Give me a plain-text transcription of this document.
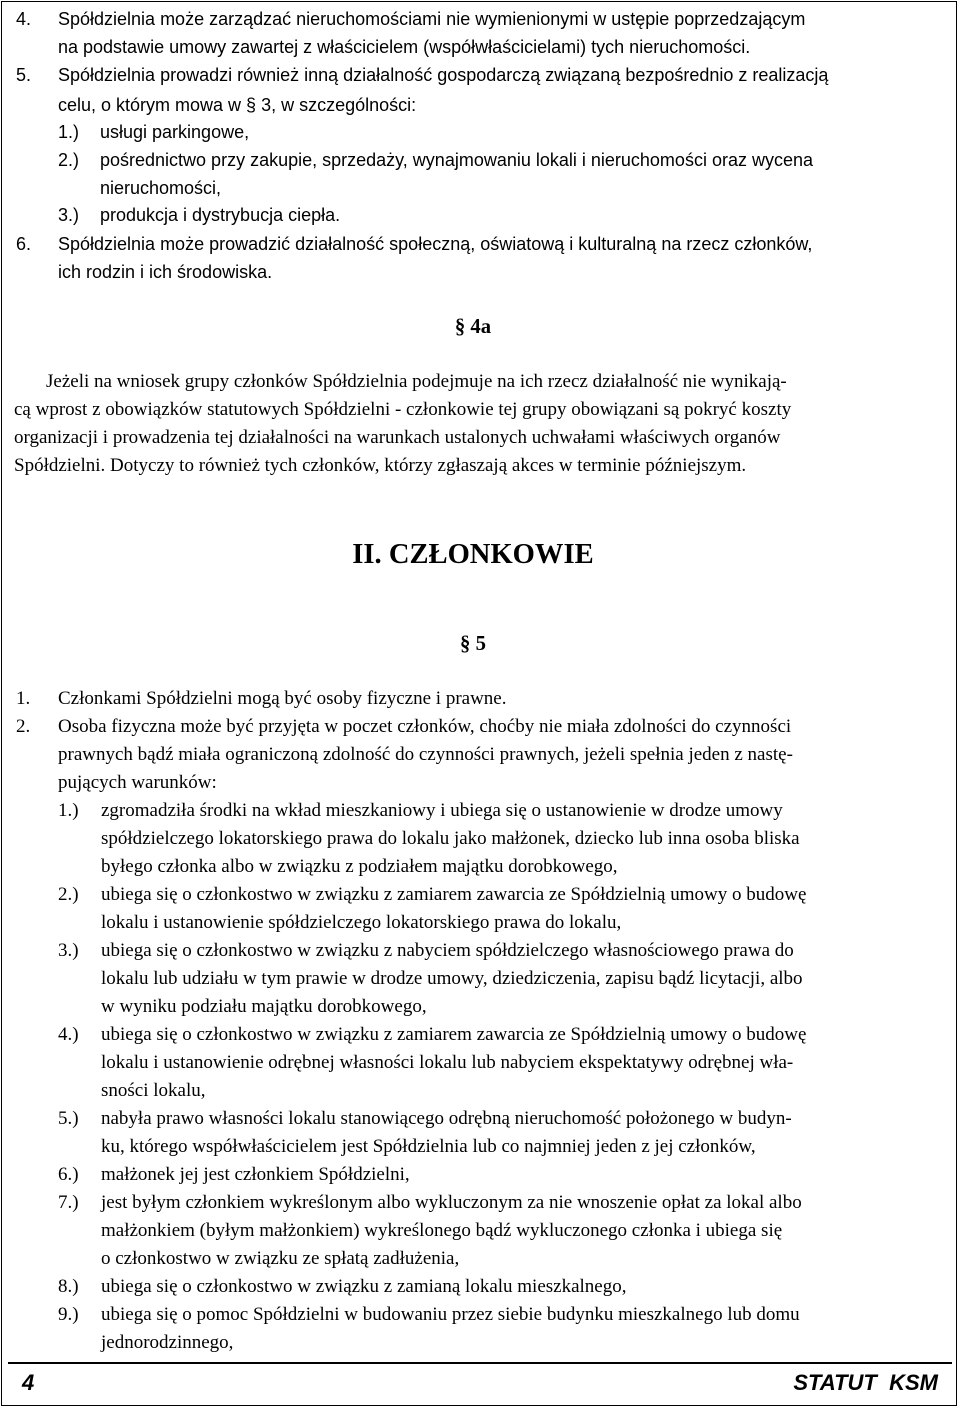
4. Spółdzielnia może zarządzać nieruchomościami nie wymienionymi w ustępie poprzedzającym
na podstawie umowy zawartej z właścicielem (współwłaścicielami) tych nieruchomości.
5. Spółdzielnia prowadzi również inną działalność gospodarczą związaną bezpośrednio z realizacją
celu, o którym mowa w § 3, w szczególności:
1.) usługi parkingowe,
2.) pośrednictwo przy zakupie, sprzedaży, wynajmowaniu lokali i nieruchomości oraz wycena
nieruchomości,
3.) produkcja i dystrybucja ciepła.
6. Spółdzielnia może prowadzić działalność społeczną, oświatową i kulturalną na rzecz członków,
ich rodzin i ich środowiska.
§ 4a
Jeżeli na wniosek grupy członków Spółdzielnia podejmuje na ich rzecz działalność nie wynikają-
cą wprost z obowiązków statutowych Spółdzielni - członkowie tej grupy obowiązani są pokryć koszty
organizacji i prowadzenia tej działalności na warunkach ustalonych uchwałami właściwych organów
Spółdzielni. Dotyczy to również tych członków, którzy zgłaszają akces w terminie późniejszym.
II. CZŁONKOWIE
§ 5
1. Członkami Spółdzielni mogą być osoby fizyczne i prawne.
2. Osoba fizyczna może być przyjęta w poczet członków, choćby nie miała zdolności do czynności
prawnych bądź miała ograniczoną zdolność do czynności prawnych, jeżeli spełnia jeden z nastę-
pujących warunków:
1.) zgromadziła środki na wkład mieszkaniowy i ubiega się o ustanowienie w drodze umowy
spółdzielczego lokatorskiego prawa do lokalu jako małżonek, dziecko lub inna osoba bliska
byłego członka albo w związku z podziałem majątku dorobkowego,
2.) ubiega się o członkostwo w związku z zamiarem zawarcia ze Spółdzielnią umowy o budowę
lokalu i ustanowienie spółdzielczego lokatorskiego prawa do lokalu,
3.) ubiega się o członkostwo w związku z nabyciem spółdzielczego własnościowego prawa do
lokalu lub udziału w tym prawie w drodze umowy, dziedziczenia, zapisu bądź licytacji, albo
w wyniku podziału majątku dorobkowego,
4.) ubiega się o członkostwo w związku z zamiarem zawarcia ze Spółdzielnią umowy o budowę
lokalu i ustanowienie odrębnej własności lokalu lub nabyciem ekspektatywy odrębnej wła-
sności lokalu,
5.) nabyła prawo własności lokalu stanowiącego odrębną nieruchomość położonego w budyn-
ku, którego współwłaścicielem jest Spółdzielnia lub co najmniej jeden z jej członków,
6.) małżonek jej jest członkiem Spółdzielni,
7.) jest byłym członkiem wykreślonym albo wykluczonym za nie wnoszenie opłat za lokal albo
małżonkiem (byłym małżonkiem) wykreślonego bądź wykluczonego członka i ubiega się
o członkostwo w związku ze spłatą zadłużenia,
8.) ubiega się o członkostwo w związku z zamianą lokalu mieszkalnego,
9.) ubiega się o pomoc Spółdzielni w budowaniu przez siebie budynku mieszkalnego lub domu
jednorodzinnego,
4	STATUT  KSM
